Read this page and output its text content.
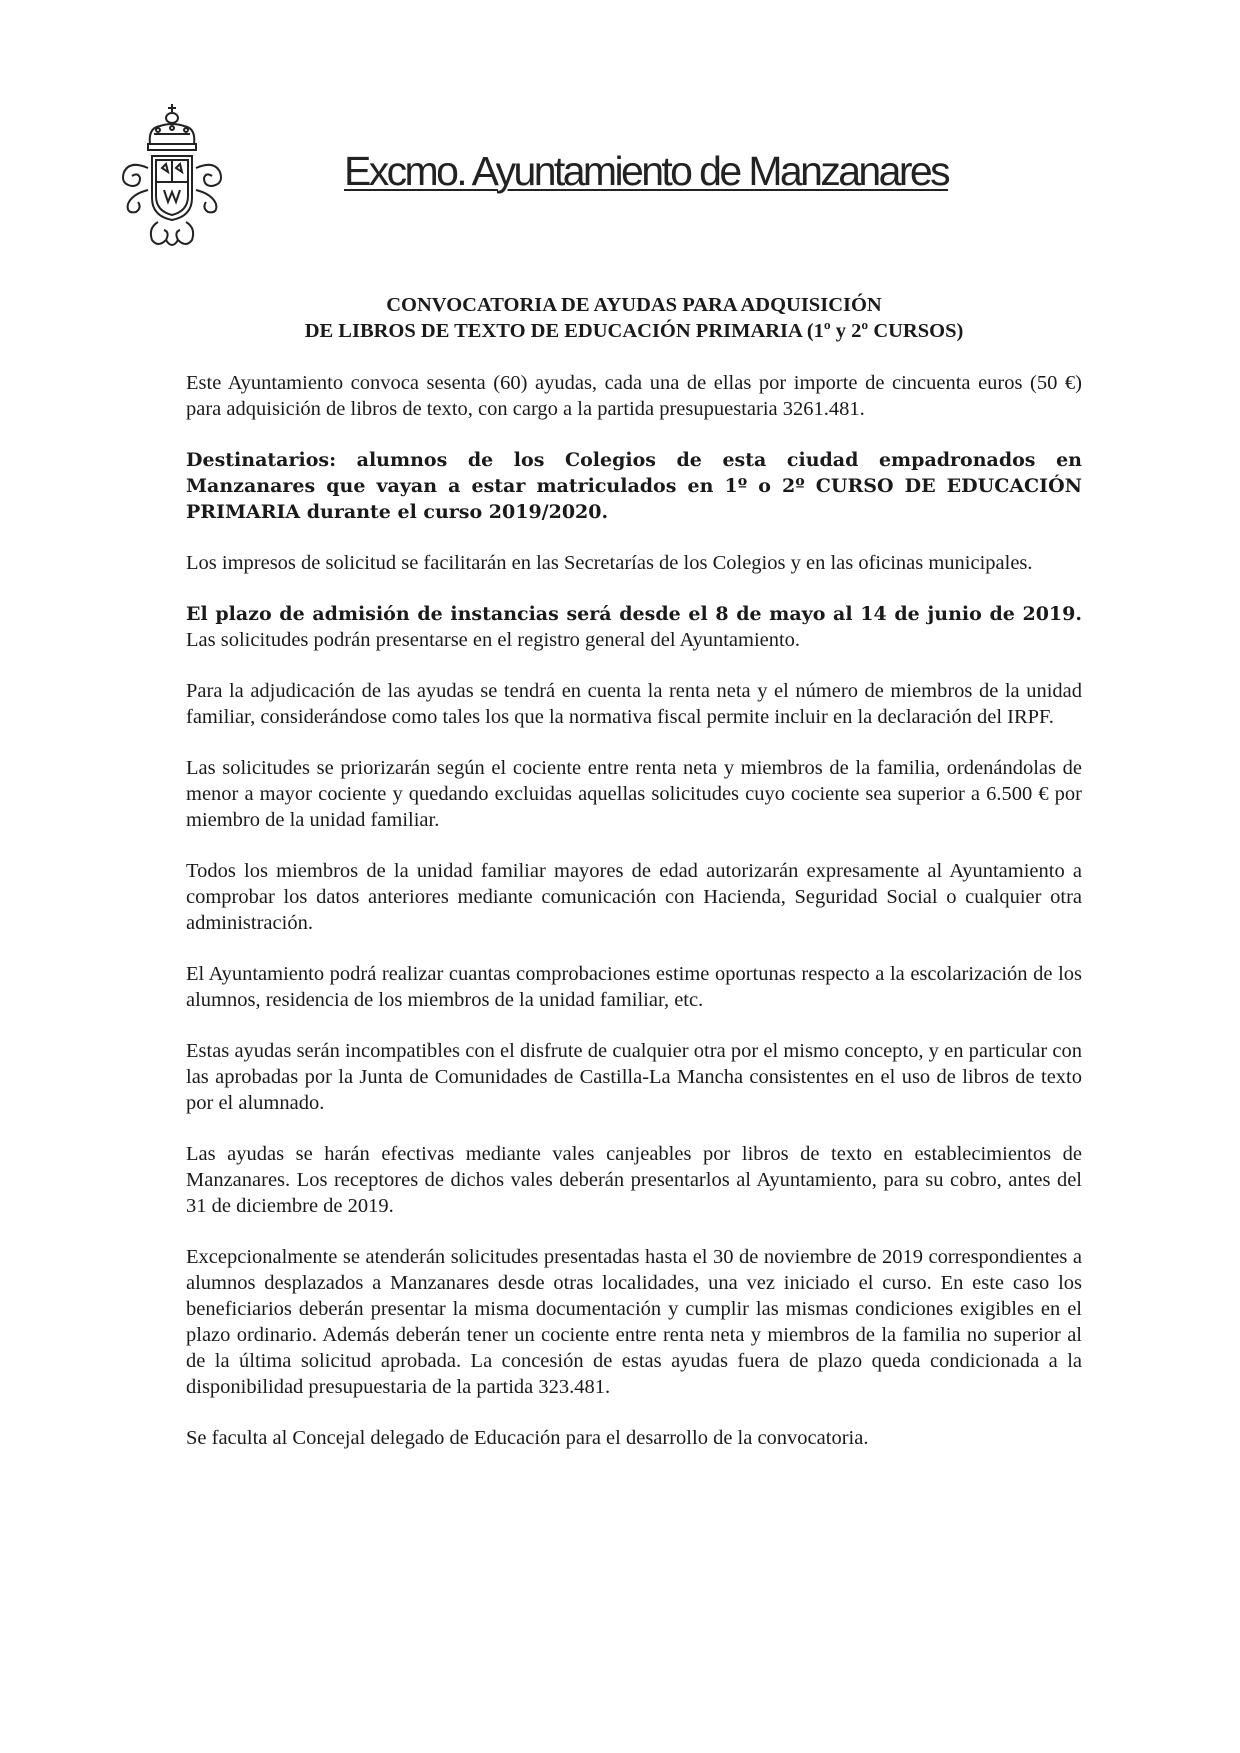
Excmo. Ayuntamiento de Manzanares
CONVOCATORIA DE AYUDAS PARA ADQUISICIÓN
DE LIBROS DE TEXTO DE EDUCACIÓN PRIMARIA (1º y 2º CURSOS)

Este Ayuntamiento convoca sesenta (60) ayudas, cada una de ellas por importe de cincuenta euros (50 €) para adquisición de libros de texto, con cargo a la partida presupuestaria 3261.481.

Destinatarios: alumnos de los Colegios de esta ciudad empadronados en Manzanares que vayan a estar matriculados en 1º o 2º CURSO DE EDUCACIÓN PRIMARIA durante el curso 2019/2020.

Los impresos de solicitud se facilitarán en las Secretarías de los Colegios y en las oficinas municipales.

El plazo de admisión de instancias será desde el 8 de mayo al 14 de junio de 2019. Las solicitudes podrán presentarse en el registro general del Ayuntamiento.

Para la adjudicación de las ayudas se tendrá en cuenta la renta neta y el número de miembros de la unidad familiar, considerándose como tales los que la normativa fiscal permite incluir en la declaración del IRPF.

Las solicitudes se priorizarán según el cociente entre renta neta y miembros de la familia, ordenándolas de menor a mayor cociente y quedando excluidas aquellas solicitudes cuyo cociente sea superior a 6.500 € por miembro de la unidad familiar.

Todos los miembros de la unidad familiar mayores de edad autorizarán expresamente al Ayuntamiento a comprobar los datos anteriores mediante comunicación con Hacienda, Seguridad Social o cualquier otra administración.

El Ayuntamiento podrá realizar cuantas comprobaciones estime oportunas respecto a la escolarización de los alumnos, residencia de los miembros de la unidad familiar, etc.

Estas ayudas serán incompatibles con el disfrute de cualquier otra por el mismo concepto, y en particular con las aprobadas por la Junta de Comunidades de Castilla-La Mancha consistentes en el uso de libros de texto por el alumnado.

Las ayudas se harán efectivas mediante vales canjeables por libros de texto en establecimientos de Manzanares. Los receptores de dichos vales deberán presentarlos al Ayuntamiento, para su cobro, antes del 31 de diciembre de 2019.

Excepcionalmente se atenderán solicitudes presentadas hasta el 30 de noviembre de 2019 correspondientes a alumnos desplazados a Manzanares desde otras localidades, una vez iniciado el curso. En este caso los beneficiarios deberán presentar la misma documentación y cumplir las mismas condiciones exigibles en el plazo ordinario. Además deberán tener un cociente entre renta neta y miembros de la familia no superior al de la última solicitud aprobada. La concesión de estas ayudas fuera de plazo queda condicionada a la disponibilidad presupuestaria de la partida 323.481.

Se faculta al Concejal delegado de Educación para el desarrollo de la convocatoria.
